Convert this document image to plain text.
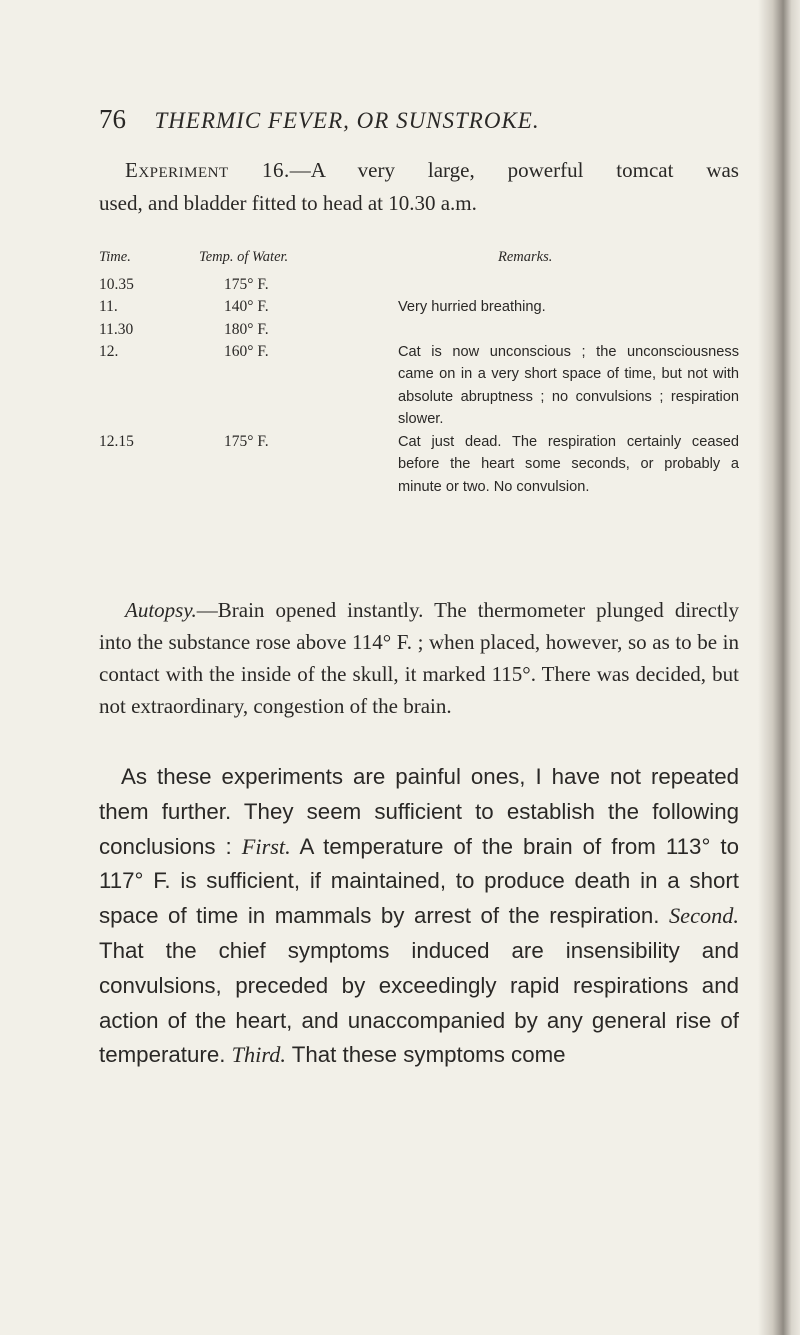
76 THERMIC FEVER, OR SUNSTROKE.
Experiment 16.—A very large, powerful tomcat was
used, and bladder fitted to head at 10.30 a.m.
Time.	Temp. of Water.	Remarks.
10.35	175° F.
11.	140° F.	Very hurried breathing.
11.30	180° F.
12.	160° F.	Cat is now unconscious ; the unconsciousness came on in a very short space of time, but not with absolute abruptness ; no convulsions ; respiration slower.
12.15	175° F.	Cat just dead. The respiration certainly ceased before the heart some seconds, or probably a minute or two. No convulsion.
Autopsy.—Brain opened instantly. The thermometer plunged directly into the substance rose above 114° F. ; when placed, however, so as to be in contact with the inside of the skull, it marked 115°. There was decided, but not extraordinary, congestion of the brain.
As these experiments are painful ones, I have not repeated them further. They seem sufficient to establish the following conclusions : First. A temperature of the brain of from 113° to 117° F. is sufficient, if maintained, to produce death in a short space of time in mammals by arrest of the respiration. Second. That the chief symptoms induced are insensibility and convulsions, preceded by exceedingly rapid respirations and action of the heart, and unaccompanied by any general rise of temperature. Third. That these symptoms come
